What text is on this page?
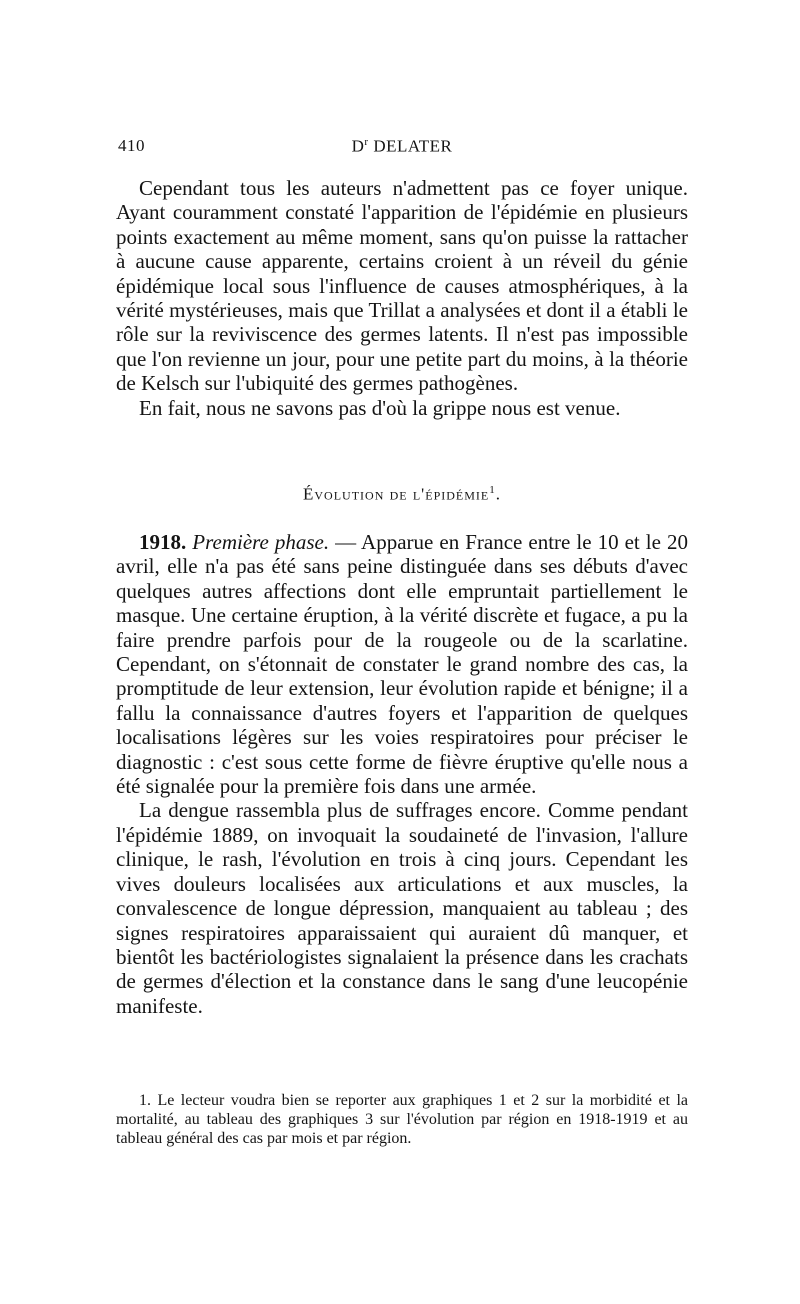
410	$D^r$ DELATER

Cependant tous les auteurs n'admettent pas ce foyer unique. Ayant couramment constaté l'apparition de l'épidémie en plusieurs points exactement au même moment, sans qu'on puisse la rattacher à aucune cause apparente, certains croient à un réveil du génie épidémique local sous l'influence de causes atmosphériques, à la vérité mystérieuses, mais que Trillat a analysées et dont il a établi le rôle sur la reviviscence des germes latents. Il n'est pas impossible que l'on revienne un jour, pour une petite part du moins, à la théorie de Kelsch sur l'ubiquité des germes pathogènes.

En fait, nous ne savons pas d'où la grippe nous est venue.

Évolution de l'épidémie$^1$.

1918. Première phase. — Apparue en France entre le 10 et le 20 avril, elle n'a pas été sans peine distinguée dans ses débuts d'avec quelques autres affections dont elle empruntait partiellement le masque. Une certaine éruption, à la vérité discrète et fugace, a pu la faire prendre parfois pour de la rougeole ou de la scarlatine. Cependant, on s'étonnait de constater le grand nombre des cas, la promptitude de leur extension, leur évolution rapide et bénigne; il a fallu la connaissance d'autres foyers et l'apparition de quelques localisations légères sur les voies respiratoires pour préciser le diagnostic : c'est sous cette forme de fièvre éruptive qu'elle nous a été signalée pour la première fois dans une armée.

La dengue rassembla plus de suffrages encore. Comme pendant l'épidémie 1889, on invoquait la soudaineté de l'invasion, l'allure clinique, le rash, l'évolution en trois à cinq jours. Cependant les vives douleurs localisées aux articulations et aux muscles, la convalescence de longue dépression, manquaient au tableau ; des signes respiratoires apparaissaient qui auraient dû manquer, et bientôt les bactériologistes signalaient la présence dans les crachats de germes d'élection et la constance dans le sang d'une leucopénie manifeste.

1. Le lecteur voudra bien se reporter aux graphiques 1 et 2 sur la morbidité et la mortalité, au tableau des graphiques 3 sur l'évolution par région en 1918-1919 et au tableau général des cas par mois et par région.
